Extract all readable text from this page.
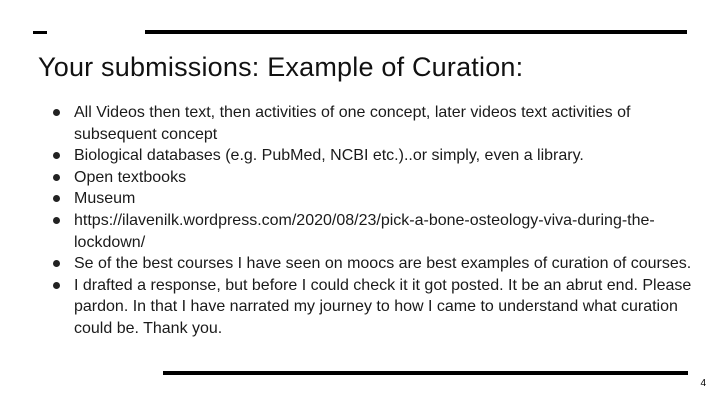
Your submissions: Example of Curation:
All Videos then text, then activities of one concept, later videos text activities of subsequent concept
Biological databases (e.g. PubMed, NCBI etc.)..or simply, even a library.
Open textbooks
Museum
https://ilavenilk.wordpress.com/2020/08/23/pick-a-bone-osteology-viva-during-the-lockdown/
Se of the best courses I have seen on moocs are best examples of curation of courses.
I drafted a response, but before I could check it it got posted. It be an abrut end. Please pardon. In that I have narrated my journey to how I came to understand what curation could be. Thank you.
4
